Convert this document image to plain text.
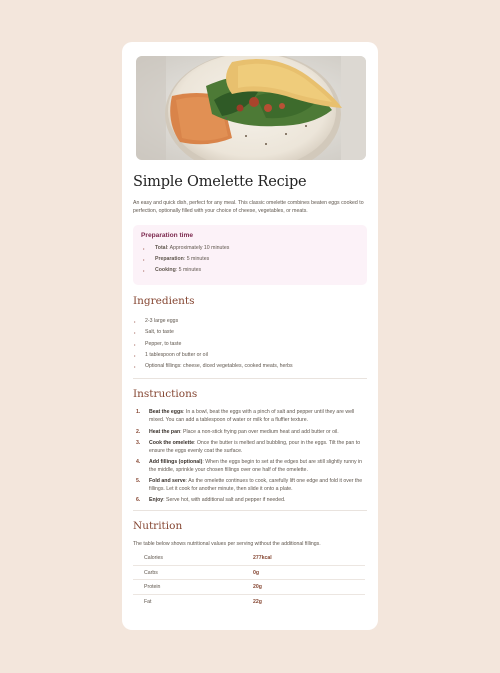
Simple Omelette Recipe

An easy and quick dish, perfect for any meal. This classic omelette combines beaten eggs cooked to perfection, optionally filled with your choice of cheese, vegetables, or meats.

Preparation time
• Total: Approximately 10 minutes
• Preparation: 5 minutes
• Cooking: 5 minutes
Ingredients
• 2-3 large eggs
• Salt, to taste
• Pepper, to taste
• 1 tablespoon of butter or oil
• Optional fillings: cheese, diced vegetables, cooked meats, herbs
Instructions
1. Beat the eggs: In a bowl, beat the eggs with a pinch of salt and pepper until they are well mixed. You can add a tablespoon of water or milk for a fluffier texture.
2. Heat the pan: Place a non-stick frying pan over medium heat and add butter or oil.
3. Cook the omelette: Once the butter is melted and bubbling, pour in the eggs. Tilt the pan to ensure the eggs evenly coat the surface.
4. Add fillings (optional): When the eggs begin to set at the edges but are still slightly runny in the middle, sprinkle your chosen fillings over one half of the omelette.
5. Fold and serve: As the omelette continues to cook, carefully lift one edge and fold it over the fillings. Let it cook for another minute, then slide it onto a plate.
6. Enjoy: Serve hot, with additional salt and pepper if needed.
Nutrition

The table below shows nutritional values per serving without the additional fillings.

Calories	277kcal
Carbs	0g
Protein	20g
Fat	22g
